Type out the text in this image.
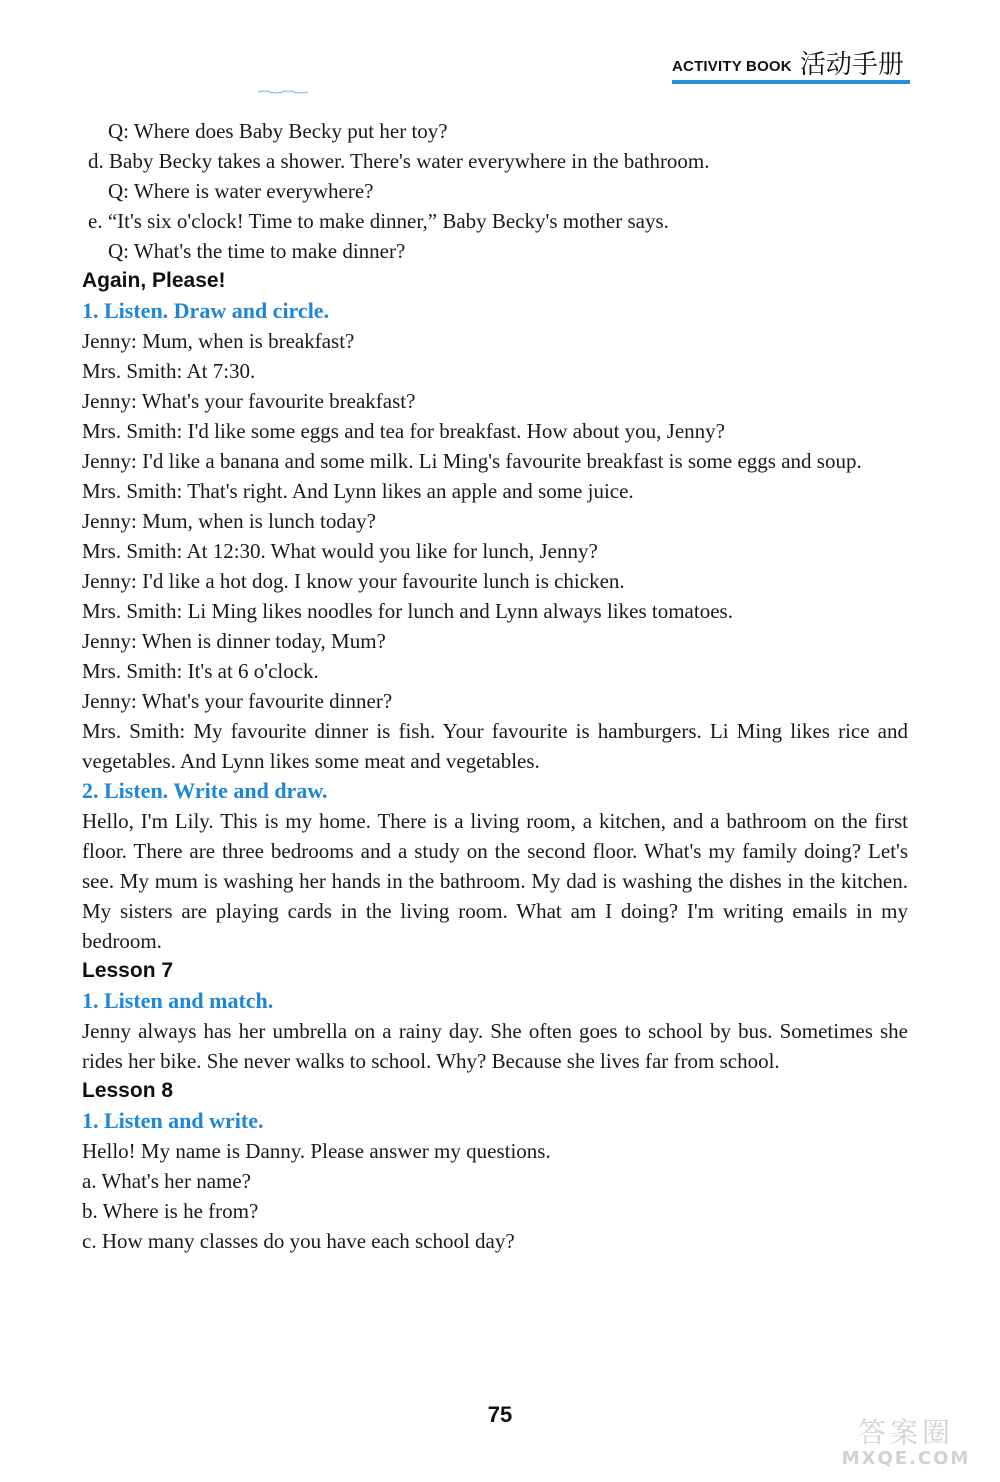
ACTIVITY BOOK 活动手册
Q: Where does Baby Becky put her toy?
d. Baby Becky takes a shower. There's water everywhere in the bathroom.
Q: Where is water everywhere?
e. “It's six o'clock! Time to make dinner,” Baby Becky's mother says.
Q: What's the time to make dinner?
Again, Please!
1. Listen. Draw and circle.
Jenny: Mum, when is breakfast?
Mrs. Smith: At 7:30.
Jenny: What's your favourite breakfast?
Mrs. Smith: I'd like some eggs and tea for breakfast. How about you, Jenny?
Jenny: I'd like a banana and some milk. Li Ming's favourite breakfast is some eggs and soup.
Mrs. Smith: That's right. And Lynn likes an apple and some juice.
Jenny: Mum, when is lunch today?
Mrs. Smith: At 12:30. What would you like for lunch, Jenny?
Jenny: I'd like a hot dog. I know your favourite lunch is chicken.
Mrs. Smith: Li Ming likes noodles for lunch and Lynn always likes tomatoes.
Jenny: When is dinner today, Mum?
Mrs. Smith: It's at 6 o'clock.
Jenny: What's your favourite dinner?
Mrs. Smith: My favourite dinner is fish. Your favourite is hamburgers. Li Ming likes rice and vegetables. And Lynn likes some meat and vegetables.
2. Listen. Write and draw.
Hello, I'm Lily. This is my home. There is a living room, a kitchen, and a bathroom on the first floor. There are three bedrooms and a study on the second floor. What's my family doing? Let's see. My mum is washing her hands in the bathroom. My dad is washing the dishes in the kitchen. My sisters are playing cards in the living room. What am I doing? I'm writing emails in my bedroom.
Lesson 7
1. Listen and match.
Jenny always has her umbrella on a rainy day. She often goes to school by bus. Sometimes she rides her bike. She never walks to school. Why? Because she lives far from school.
Lesson 8
1. Listen and write.
Hello! My name is Danny. Please answer my questions.
a. What's her name?
b. Where is he from?
c. How many classes do you have each school day?
75
答案圈
MXQE.COM
